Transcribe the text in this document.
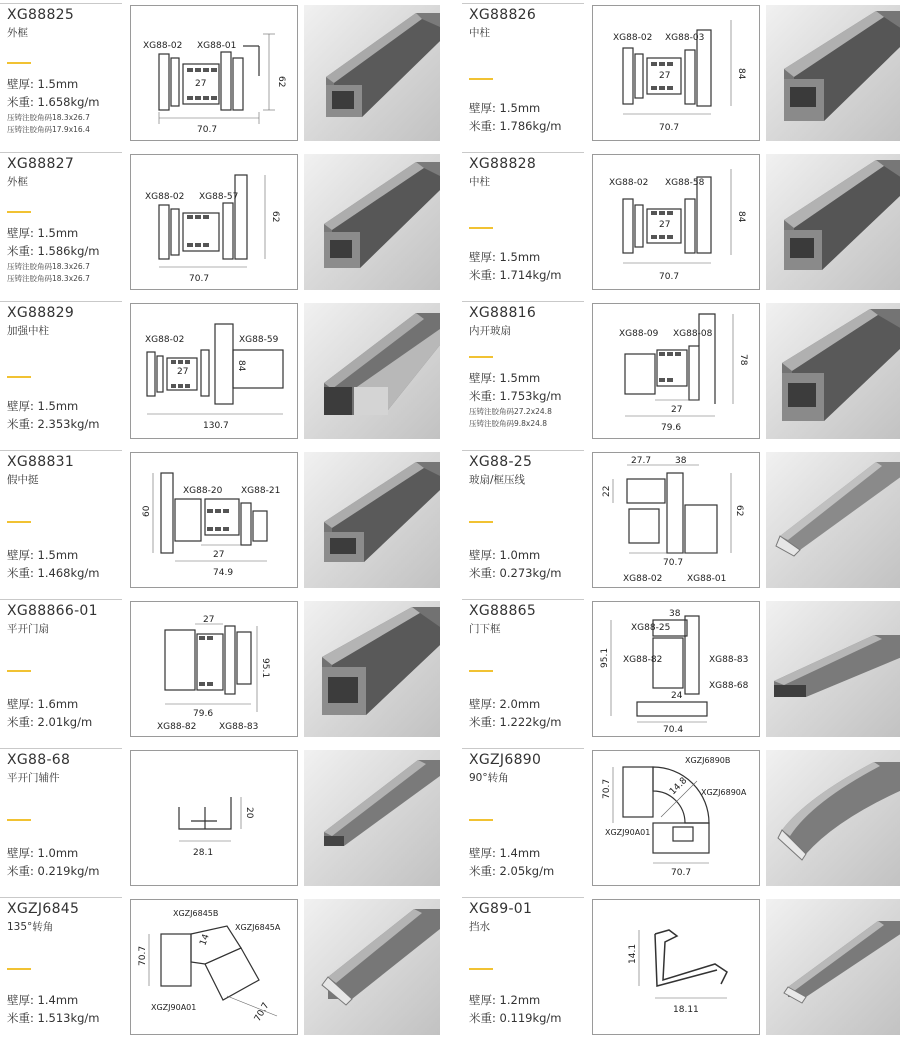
XG88825
外框
壁厚: 1.5mm
米重: 1.658kg/m
压铸注胶角码18.3x26.7
压铸注胶角码17.9x16.4
XG88-02 XG88-01
27	62
70.7
XG88826
中柱
壁厚: 1.5mm
米重: 1.786kg/m
XG88-02 XG88-03
27	84
70.7
XG88827
外框
壁厚: 1.5mm
米重: 1.586kg/m
压铸注胶角码18.3x26.7
压铸注胶角码18.3x26.7
XG88-02 XG88-57
62
70.7
XG88828
中柱
壁厚: 1.5mm
米重: 1.714kg/m
XG88-02 XG88-58
27
84
70.7
XG88829
加强中柱
壁厚: 1.5mm
米重: 2.353kg/m
XG88-02	XG88-59
27
84
130.7
XG88816
内开玻扇
壁厚: 1.5mm
米重: 1.753kg/m
压铸注胶角码27.2x24.8
压铸注胶角码9.8x24.8
XG88-09 XG88-08
27
78
79.6
XG88831
假中挺
壁厚: 1.5mm
米重: 1.468kg/m
XG88-20 XG88-21
27
60
74.9
XG88-25
玻扇/框压线
壁厚: 1.0mm
米重: 0.273kg/m
27.7	38
22
62
70.7
XG88-02	XG88-01
XG88866-01
平开门扇
壁厚: 1.6mm
米重: 2.01kg/m
27
95.1
79.6
XG88-82	XG88-83
XG88865
门下框
壁厚: 2.0mm
米重: 1.222kg/m
38
XG88-25
XG88-82	XG88-83
XG88-68
95.1
24
70.4
XG88-68
平开门辅件
壁厚: 1.0mm
米重: 0.219kg/m
20
28.1
XGZJ6890
90°转角
壁厚: 1.4mm
米重: 2.05kg/m
XGZJ6890B
XGZJ6890A
XGZJ90A01
14.8
70.7
70.7
XGZJ6845
135°转角
壁厚: 1.4mm
米重: 1.513kg/m
XGZJ6845B
XGZJ6845A
XGZJ90A01
14
70.7
70.7
XG89-01
挡水
壁厚: 1.2mm
米重: 0.119kg/m
14.1
18.11
